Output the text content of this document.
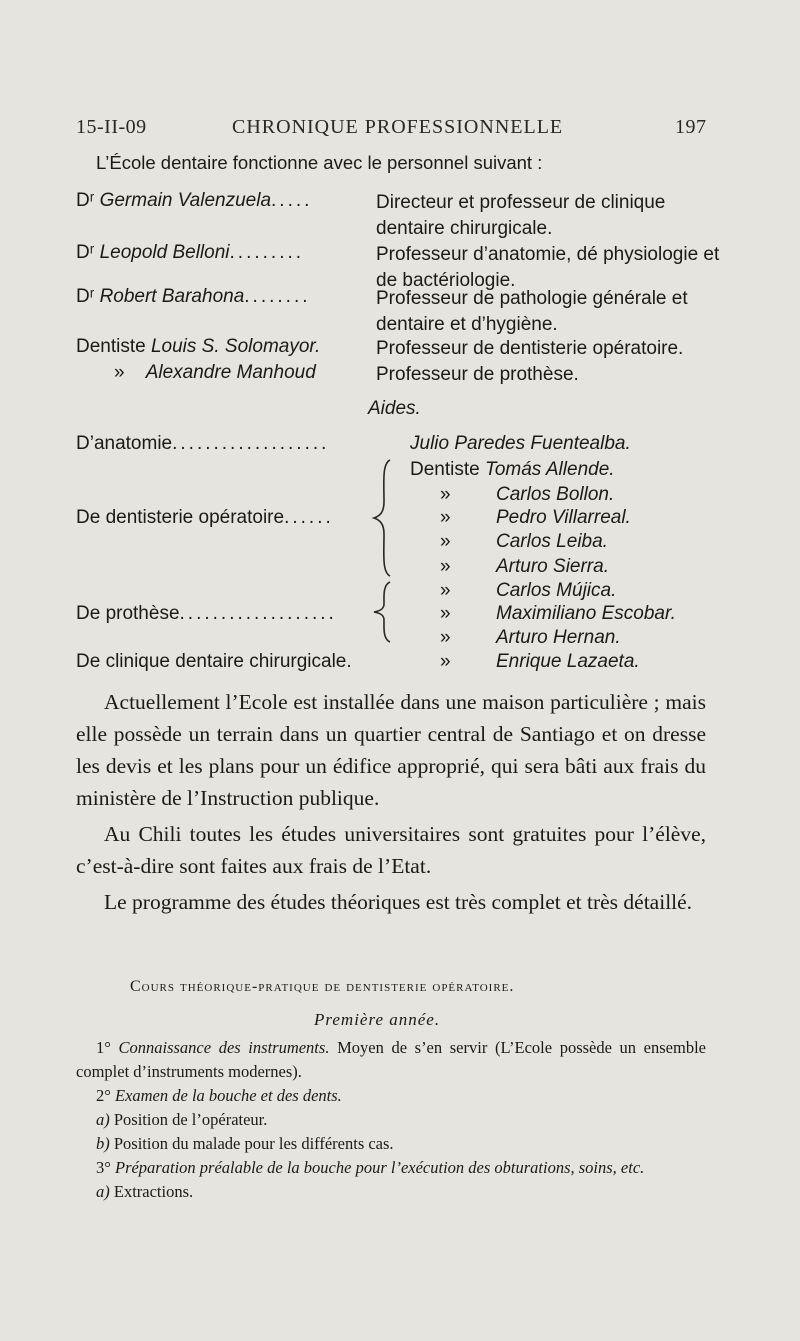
15-II-09	CHRONIQUE PROFESSIONNELLE	197
L’École dentaire fonctionne avec le personnel suivant :
Dʳ Germain Valenzuela.....	Directeur et professeur de clinique dentaire chirurgicale.
Dʳ Leopold Belloni.........	Professeur d’anatomie, dé physiologie et de bactériologie.
Dʳ Robert Barahona........	Professeur de pathologie générale et dentaire et d’hygiène.
Dentiste Louis S. Solomayor.	Professeur de dentisterie opératoire.
» Alexandre Manhoud	Professeur de prothèse.
Aides.
D’anatomie...................	Julio Paredes Fuentealba.
Dentiste Tomás Allende.
» Carlos Bollon.
De dentisterie opératoire......	» Pedro Villarreal.
» Carlos Leiba.
» Arturo Sierra.
» Carlos Mújica.
De prothèse...................	» Maximiliano Escobar.
» Arturo Hernan.
De clinique dentaire chirurgicale.	» Enrique Lazaeta.

Actuellement l’Ecole est installée dans une maison particulière ; mais elle possède un terrain dans un quartier central de Santiago et on dresse les devis et les plans pour un édifice approprié, qui sera bâti aux frais du ministère de l’Instruction publique.

Au Chili toutes les études universitaires sont gratuites pour l’élève, c’est-à-dire sont faites aux frais de l’Etat.

Le programme des études théoriques est très complet et très détaillé.

Cours théorique-pratique de dentisterie opératoire.
Première année.

1° Connaissance des instruments. Moyen de s’en servir (L’Ecole possède un ensemble complet d’instruments modernes).

2° Examen de la bouche et des dents.

a) Position de l’opérateur.

b) Position du malade pour les différents cas.

3° Préparation préalable de la bouche pour l’exécution des obturations, soins, etc.

a) Extractions.
